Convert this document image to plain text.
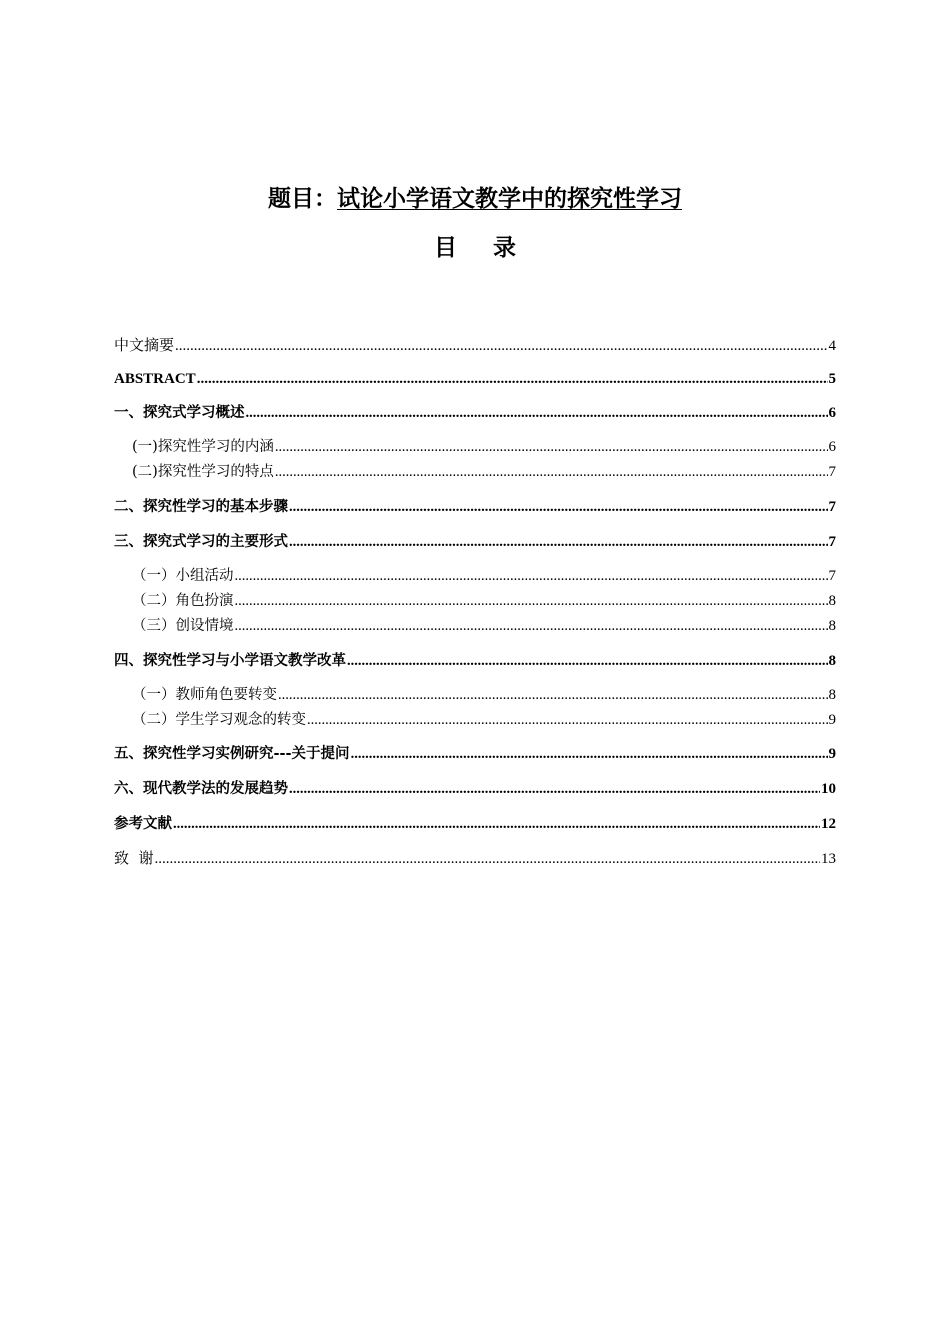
题目：试论小学语文教学中的探究性学习
目 录
中文摘要 .....	4
ABSTRACT .....	5
一、探究式学习概述 .....	6
(一)探究性学习的内涵 .....	6
(二)探究性学习的特点 .....	7
二、探究性学习的基本步骤 .....	7
三、探究式学习的主要形式 .....	7
（一）小组活动 .....	7
（二）角色扮演 .....	8
（三）创设情境 .....	8
四、探究性学习与小学语文教学改革 .....	8
（一）教师角色要转变 .....	8
（二）学生学习观念的转变 .....	9
五、探究性学习实例研究---关于提问 .....	9
六、现代教学法的发展趋势 .....	10
参考文献 .....	12
致  谢 .....	13
